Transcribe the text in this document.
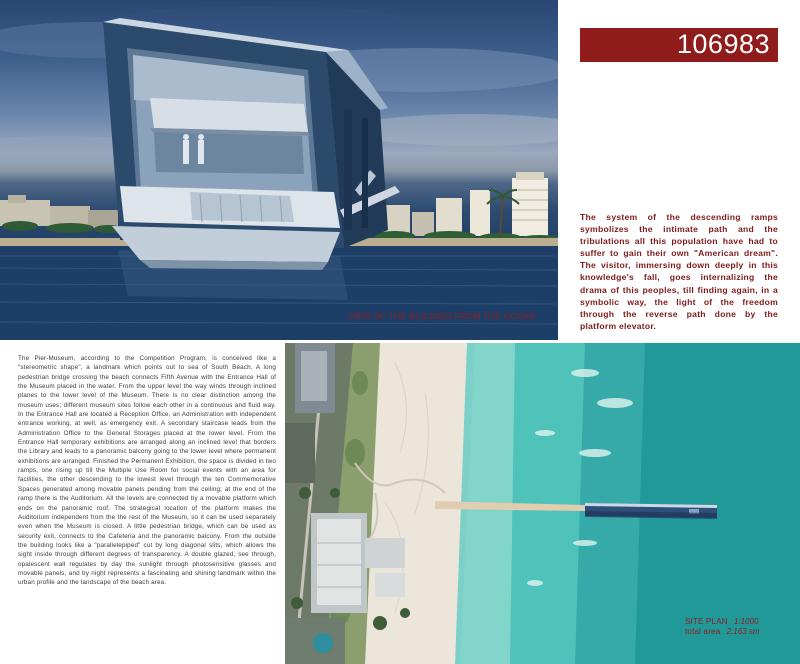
VIEW OF THE BUILDING FROM THE OCEAN
106983
The system of the descending ramps symbolizes the intimate path and the tribulations all this population have had to suffer to gain their own "American dream". The visitor, immersing down deeply in this knowledge's fall, goes internalizing the drama of this peoples, till finding again, in a symbolic way, the light of the freedom through the reverse path done by the platform elevator.
The Pier-Museum, according to the Competition Program, is conceived like a "stereometric shape", a landmark which points out to sea of South Beach. A long pedestrian bridge crossing the beach connects Fifth Avenue with the Entrance Hall of the Museum placed in the water. From the upper level the way winds through inclined planes to the lower level of the Museum. There is no clear distinction among the museum uses; different museum sites follow each other in a continuous and fluid way. In the Entrance Hall are located a Reception Office, an Administration with independent entrance working, at well, as emergency exit. A secondary staircase leads from the Administration Office to the General Storages placed at the lower level. From the Entrance Hall temporary exhibitions are arranged along an inclined level that borders the Library and leads to a panoramic balcony going to the lower level where permanent exhibitions are arranged. Finished the Permanent Exhibition, the space is divided in two ramps, one rising up till the Multiple Use Room for social events with an area for facilities, the other descending to the lowest level through the ten Commemorative Spaces generated among movable panels pending from the ceiling; at the end of the ramp there is the Auditorium. All the levels are connected by a movable platform which ends on the panoramic roof. The strategical location of the platform makes the Auditorium independent from the the rest of the Museum, so it can be used separately even when the Museum is closed. A little pedestrian bridge, which can be used as security exit, connects to the Cafeteria and the panoramic balcony. From the outside the building looks like a "parallelepiped" cut by long diagonal slits, which allows the sight inside through different degrees of transparency. A double glazed, see through, opalescent wall regulates by day the sunlight through photosensitive glasses and movable panels, and by night represents a fascinating and shining landmark within the urban profile and the landscape of the beach area.
SITE PLAN 1:1000
total area 2.163 sm
